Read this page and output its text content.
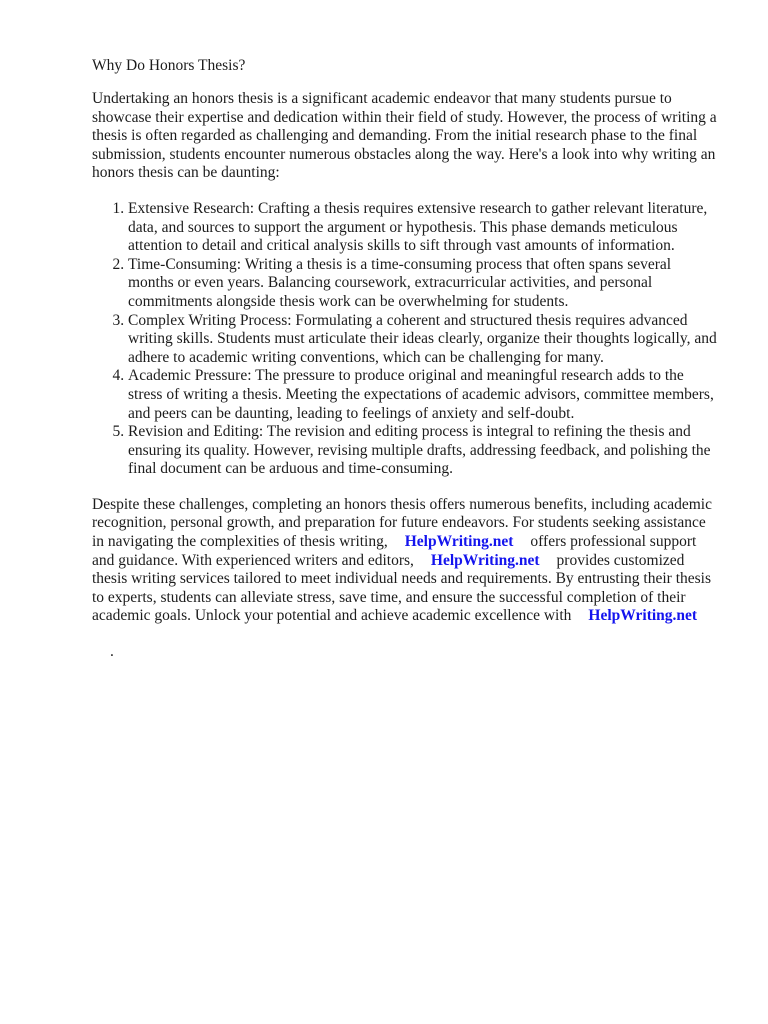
Why Do Honors Thesis?

Undertaking an honors thesis is a significant academic endeavor that many students pursue to showcase their expertise and dedication within their field of study. However, the process of writing a thesis is often regarded as challenging and demanding. From the initial research phase to the final submission, students encounter numerous obstacles along the way. Here's a look into why writing an honors thesis can be daunting:

1. Extensive Research: Crafting a thesis requires extensive research to gather relevant literature, data, and sources to support the argument or hypothesis. This phase demands meticulous attention to detail and critical analysis skills to sift through vast amounts of information.
2. Time-Consuming: Writing a thesis is a time-consuming process that often spans several months or even years. Balancing coursework, extracurricular activities, and personal commitments alongside thesis work can be overwhelming for students.
3. Complex Writing Process: Formulating a coherent and structured thesis requires advanced writing skills. Students must articulate their ideas clearly, organize their thoughts logically, and adhere to academic writing conventions, which can be challenging for many.
4. Academic Pressure: The pressure to produce original and meaningful research adds to the stress of writing a thesis. Meeting the expectations of academic advisors, committee members, and peers can be daunting, leading to feelings of anxiety and self-doubt.
5. Revision and Editing: The revision and editing process is integral to refining the thesis and ensuring its quality. However, revising multiple drafts, addressing feedback, and polishing the final document can be arduous and time-consuming.

Despite these challenges, completing an honors thesis offers numerous benefits, including academic recognition, personal growth, and preparation for future endeavors. For students seeking assistance in navigating the complexities of thesis writing, HelpWriting.net offers professional support and guidance. With experienced writers and editors, HelpWriting.net provides customized thesis writing services tailored to meet individual needs and requirements. By entrusting their thesis to experts, students can alleviate stress, save time, and ensure the successful completion of their academic goals. Unlock your potential and achieve academic excellence with HelpWriting.net

.
